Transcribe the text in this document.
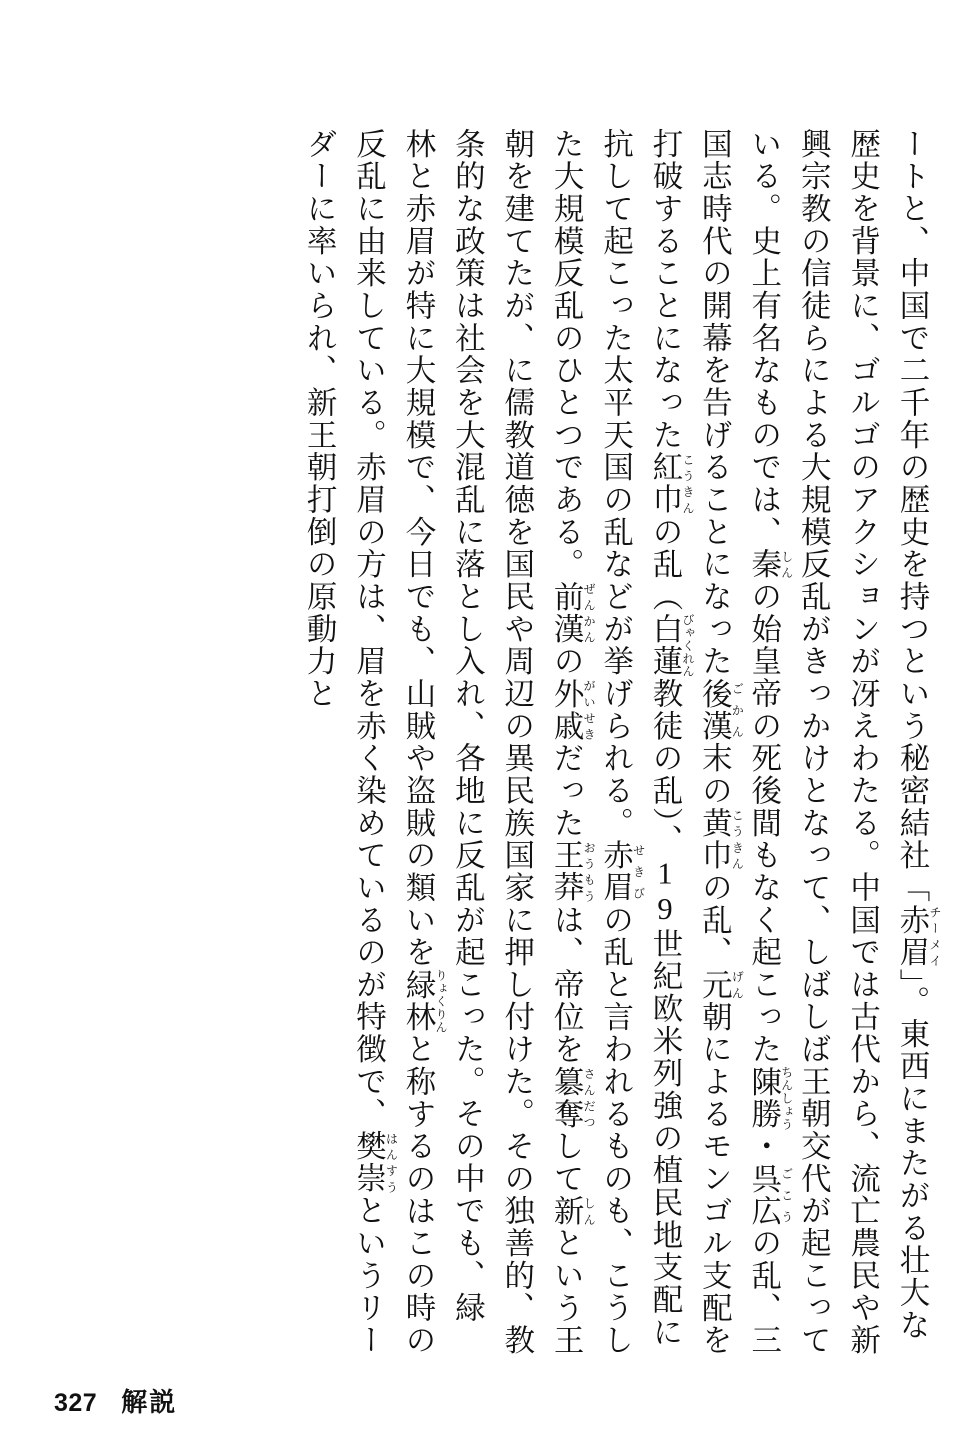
ートと、中国で二千年の歴史を持つという秘密結社「赤眉 チーメイ」。東西にまたがる壮大な歴史を背景に、ゴルゴのアクションが冴えわたる。中国では古代から、流亡農民や新興宗教の信徒らによる大規模反乱がきっかけとなって、しばしば王朝交代が起こっている。史上有名なものでは、秦 しんの始皇帝の死後間もなく起こった陳勝 ちんしょう・呉広 ごこうの乱、三国志時代の開幕を告げることになった後漢 ごかん末の黄巾 こうきんの乱、元 げん朝によるモンゴル支配を打破することになった紅巾 こうきんの乱（白蓮 びゃくれん教徒の乱）、19世紀欧米列強の植民地支配に抗して起こった太平天国の乱などが挙げられる。赤眉 せきびの乱と言われるものも、こうした大規模反乱のひとつである。前漢 ぜんかんの外戚 がいせきだった王莽 おうもうは、帝位を簒奪 さんだつして新 しんという王朝を建てたが、に儒教道徳を国民や周辺の異民族国家に押し付けた。その独善的、教条的な政策は社会を大混乱に落とし入れ、各地に反乱が起こった。その中でも、緑　林と赤眉が特に大規模で、今日でも、山賊や盗賊の類いを緑林 りょくりんと称するのはこの時の反乱に由来している。赤眉の方は、眉を赤く染めているのが特徴で、樊崇 はんすうというリーダーに率いられ、新王朝打倒の原動力と

327 解説
